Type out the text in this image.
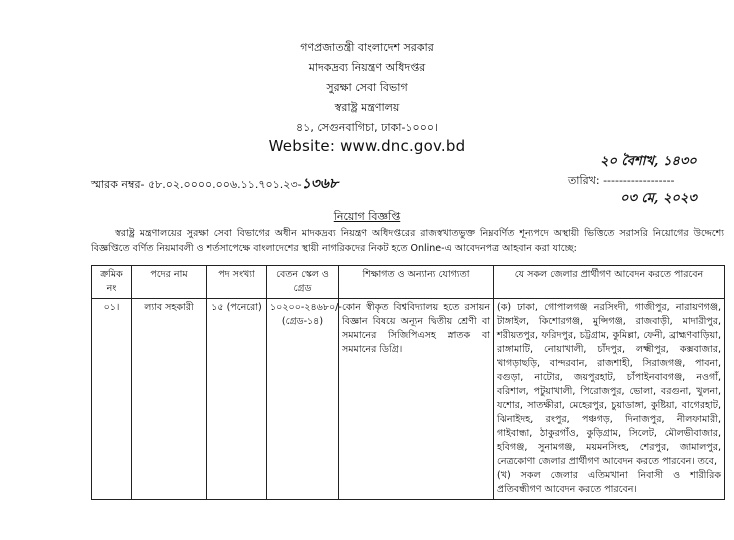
গণপ্রজাতন্ত্রী বাংলাদেশ সরকার
মাদকদ্রব্য নিয়ন্ত্রণ অধিদপ্তর
সুরক্ষা সেবা বিভাগ
স্বরাষ্ট্র মন্ত্রণালয়
৪১, সেগুনবাগিচা, ঢাকা-১০০০।
Website: www.dnc.gov.bd
স্মারক নম্বর- ৫৮.০২.০০০০.০০৬.১১.৭০১.২৩-১৩৬৮
২০ বৈশাখ, ১৪৩০
তারিখ: ------------------
০৩ মে, ২০২৩
নিয়োগ বিজ্ঞপ্তি
স্বরাষ্ট্র মন্ত্রণালয়ের সুরক্ষা সেবা বিভাগের অধীন মাদকদ্রব্য নিয়ন্ত্রণ অধিদপ্তরের রাজস্বখাতভুক্ত নিম্নবর্ণিত শূন্যপদে অস্থায়ী ভিত্তিতে সরাসরি নিয়োগের উদ্দেশ্যে বিজ্ঞপ্তিতে বর্ণিত নিয়মাবলী ও শর্তসাপেক্ষে বাংলাদেশের স্থায়ী নাগরিকদের নিকট হতে Online-এ আবেদনপত্র আহবান করা যাচ্ছে:
ক্রমিক নং	পদের নাম	পদ সংখ্যা	বেতন স্কেল ও গ্রেড	শিক্ষাগত ও অন্যান্য যোগ্যতা	যে সকল জেলার প্রার্থীগণ আবেদন করতে পারবেন
০১।	ল্যাব সহকারী	১৫ (পনেরো)	১০২০০-২৪৬৮০/- (গ্রেড-১৪)	কোন স্বীকৃত বিশ্ববিদ্যালয় হতে রসায়ন বিজ্ঞান বিষয়ে অন্যূন দ্বিতীয় শ্রেণী বা সমমানের সিজিপিএসহ স্নাতক বা সমমানের ডিগ্রি।	(ক) ঢাকা, গোপালগঞ্জ নরসিংদী, গাজীপুর, নারায়ণগঞ্জ, টাঙ্গাইল, কিশোরগঞ্জ, মুন্সিগঞ্জ, রাজবাড়ী, মাদারীপুর, শরীয়তপুর, ফরিদপুর, চট্টগ্রাম, কুমিল্লা, ফেনী, ব্রাহ্মণবাড়িয়া, রাঙ্গামাটি, নোয়াখালী, চাঁদপুর, লক্ষ্মীপুর, কক্সবাজার, খাগড়াছড়ি, বান্দরবান, রাজশাহী, সিরাজগঞ্জ, পাবনা, বগুড়া, নাটোর, জয়পুরহাট, চাঁপাইনবাবগঞ্জ, নওগাঁ, বরিশাল, পটুয়াখালী, পিরোজপুর, ভোলা, বরগুনা, খুলনা, যশোর, সাতক্ষীরা, মেহেরপুর, চুয়াডাঙ্গা, কুষ্টিয়া, বাগেরহাট, ঝিনাইদহ, রংপুর, পঞ্চগড়, দিনাজপুর, নীলফামারী, গাইবান্ধা, ঠাকুরগাঁও, কুড়িগ্রাম, সিলেট, মৌলভীবাজার, হবিগঞ্জ, সুনামগঞ্জ, ময়মনসিংহ, শেরপুর, জামালপুর, নেত্রকোণা জেলার প্রার্থীগণ আবেদন করতে পারবেন। তবে,
(খ) সকল জেলার এতিমখানা নিবাসী ও শারীরিক প্রতিবন্ধীগণ আবেদন করতে পারবেন।
